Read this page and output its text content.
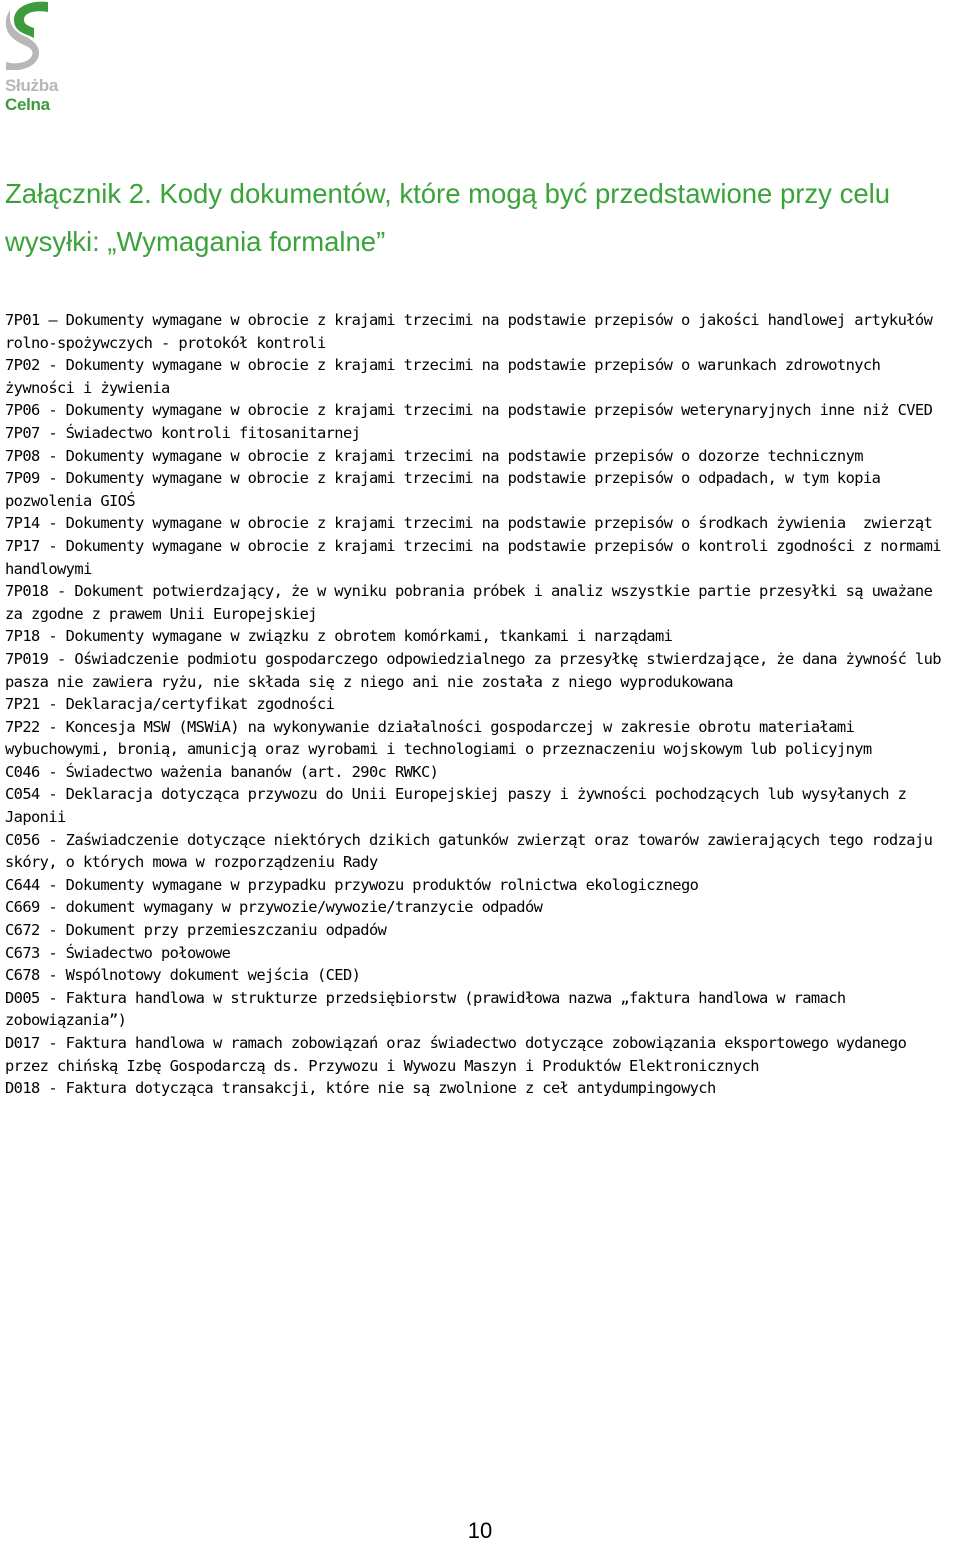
Służba
Celna
Załącznik 2. Kody dokumentów, które mogą być przedstawione przy celu wysyłki: „Wymagania formalne”
7P01 – Dokumenty wymagane w obrocie z krajami trzecimi na podstawie przepisów o jakości handlowej artykułów rolno-spożywczych - protokół kontroli
7P02 - Dokumenty wymagane w obrocie z krajami trzecimi na podstawie przepisów o warunkach zdrowotnych żywności i żywienia
7P06 - Dokumenty wymagane w obrocie z krajami trzecimi na podstawie przepisów weterynaryjnych inne niż CVED
7P07 - Świadectwo kontroli fitosanitarnej
7P08 - Dokumenty wymagane w obrocie z krajami trzecimi na podstawie przepisów o dozorze technicznym
7P09 - Dokumenty wymagane w obrocie z krajami trzecimi na podstawie przepisów o odpadach, w tym kopia pozwolenia GIOŚ
7P14 - Dokumenty wymagane w obrocie z krajami trzecimi na podstawie przepisów o środkach żywienia  zwierząt
7P17 - Dokumenty wymagane w obrocie z krajami trzecimi na podstawie przepisów o kontroli zgodności z normami handlowymi
7P018 - Dokument potwierdzający, że w wyniku pobrania próbek i analiz wszystkie partie przesyłki są uważane za zgodne z prawem Unii Europejskiej
7P18 - Dokumenty wymagane w związku z obrotem komórkami, tkankami i narządami
7P019 - Oświadczenie podmiotu gospodarczego odpowiedzialnego za przesyłkę stwierdzające, że dana żywność lub pasza nie zawiera ryżu, nie składa się z niego ani nie została z niego wyprodukowana
7P21 - Deklaracja/certyfikat zgodności
7P22 - Koncesja MSW (MSWiA) na wykonywanie działalności gospodarczej w zakresie obrotu materiałami wybuchowymi, bronią, amunicją oraz wyrobami i technologiami o przeznaczeniu wojskowym lub policyjnym
C046 - Świadectwo ważenia bananów (art. 290c RWKC)
C054 - Deklaracja dotycząca przywozu do Unii Europejskiej paszy i żywności pochodzących lub wysyłanych z Japonii
C056 - Zaświadczenie dotyczące niektórych dzikich gatunków zwierząt oraz towarów zawierających tego rodzaju skóry, o których mowa w rozporządzeniu Rady
C644 - Dokumenty wymagane w przypadku przywozu produktów rolnictwa ekologicznego
C669 - dokument wymagany w przywozie/wywozie/tranzycie odpadów
C672 - Dokument przy przemieszczaniu odpadów
C673 - Świadectwo połowowe
C678 - Wspólnotowy dokument wejścia (CED)
D005 - Faktura handlowa w strukturze przedsiębiorstw (prawidłowa nazwa „faktura handlowa w ramach zobowiązania”)
D017 - Faktura handlowa w ramach zobowiązań oraz świadectwo dotyczące zobowiązania eksportowego wydanego przez chińską Izbę Gospodarczą ds. Przywozu i Wywozu Maszyn i Produktów Elektronicznych
D018 - Faktura dotycząca transakcji, które nie są zwolnione z ceł antydumpingowych
10
